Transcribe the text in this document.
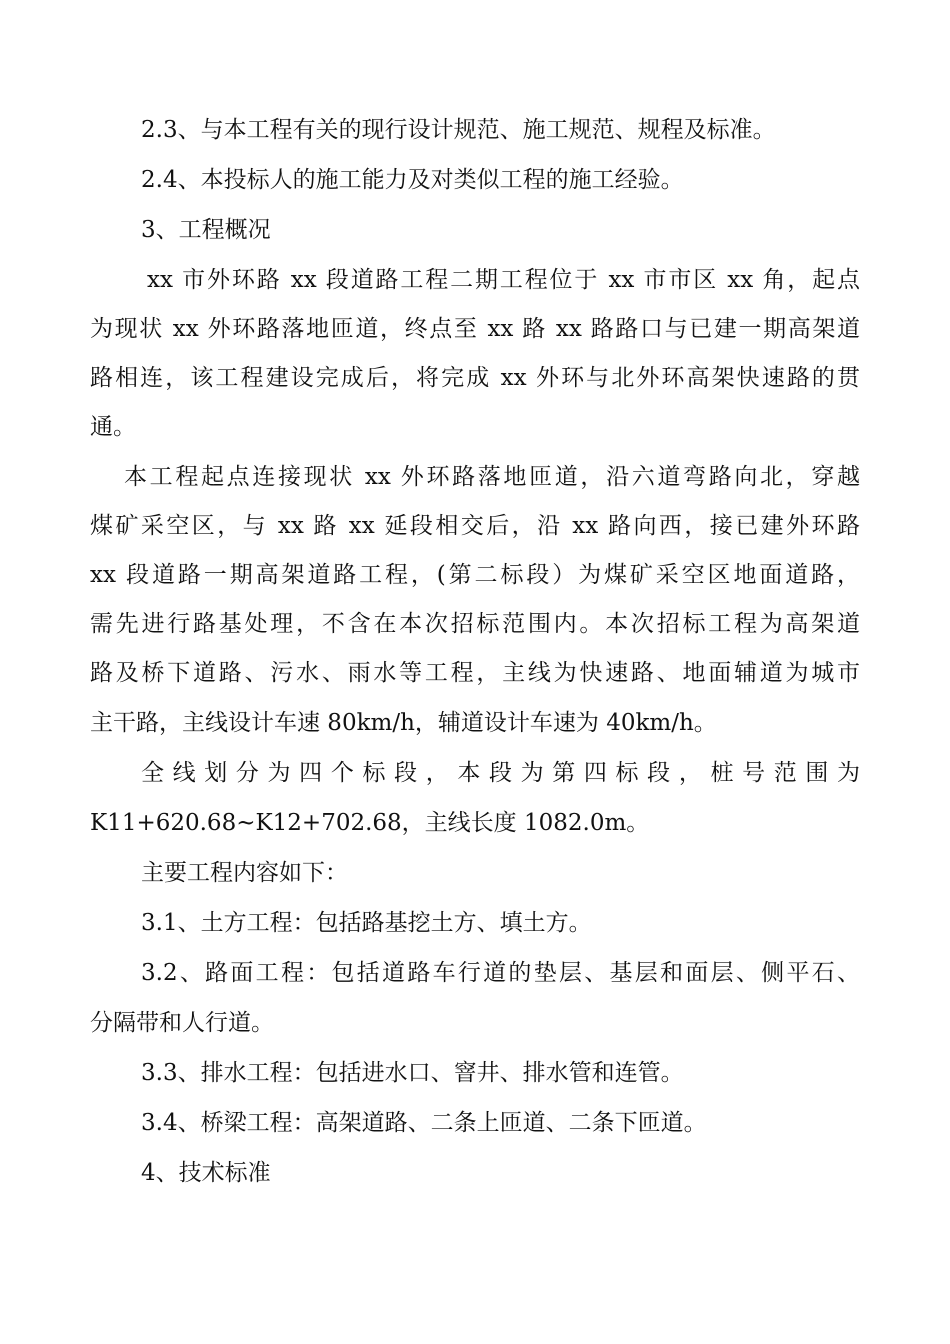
2.3、与本工程有关的现行设计规范、施工规范、规程及标准。

2.4、本投标人的施工能力及对类似工程的施工经验。

3、工程概况

xx 市外环路 xx 段道路工程二期工程位于 xx 市市区 xx 角，起点

为现状 xx 外环路落地匝道，终点至 xx 路 xx 路路口与已建一期高架道

路相连，该工程建设完成后，将完成 xx 外环与北外环高架快速路的贯

通。

本工程起点连接现状 xx 外环路落地匝道，沿六道弯路向北，穿越

煤矿采空区，与 xx 路 xx 延段相交后，沿 xx 路向西，接已建外环路

xx 段道路一期高架道路工程，(第二标段）为煤矿采空区地面道路，

需先进行路基处理，不含在本次招标范围内。本次招标工程为高架道

路及桥下道路、污水、雨水等工程，主线为快速路、地面辅道为城市

主干路，主线设计车速 80km/h，辅道设计车速为 40km/h。

全线划分为四个标段，本段为第四标段，桩号范围为

K11+620.68~K12+702.68，主线长度 1082.0m。

主要工程内容如下：

3.1、土方工程：包括路基挖土方、填土方。

3.2、路面工程：包括道路车行道的垫层、基层和面层、侧平石、

分隔带和人行道。

3.3、排水工程：包括进水口、窨井、排水管和连管。

3.4、桥梁工程：高架道路、二条上匝道、二条下匝道。

4、技术标准
